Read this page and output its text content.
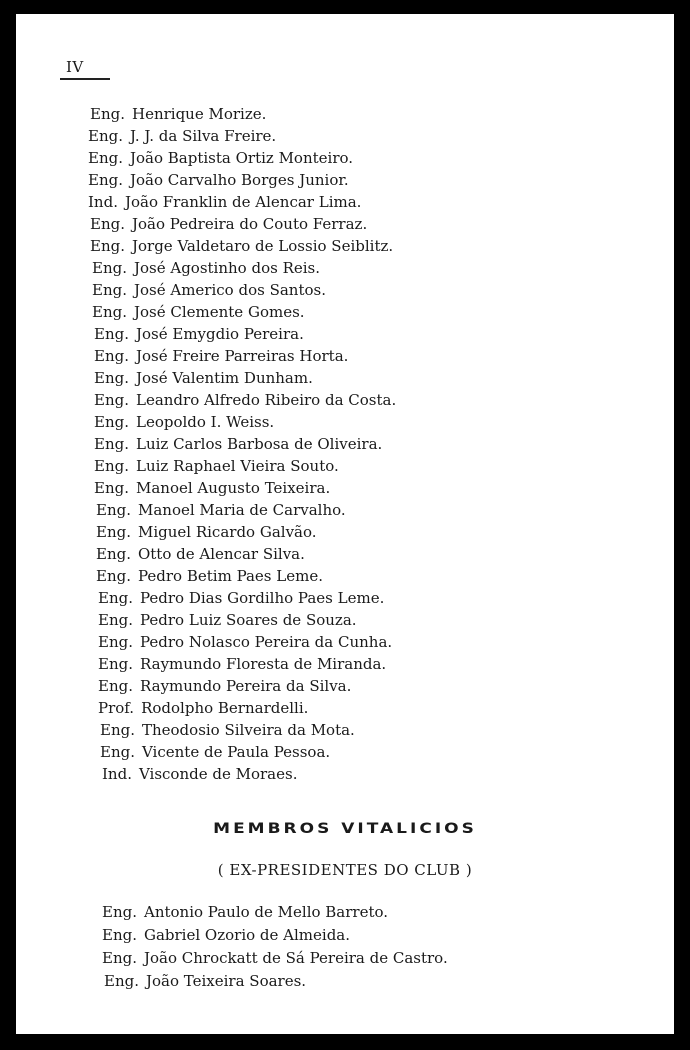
IV
Eng. Henrique Morize.
Eng. J. J. da Silva Freire.
Eng. João Baptista Ortiz Monteiro.
Eng. João Carvalho Borges Junior.
Ind. João Franklin de Alencar Lima.
Eng. João Pedreira do Couto Ferraz.
Eng. Jorge Valdetaro de Lossio Seiblitz.
Eng. José Agostinho dos Reis.
Eng. José Americo dos Santos.
Eng. José Clemente Gomes.
Eng. José Emygdio Pereira.
Eng. José Freire Parreiras Horta.
Eng. José Valentim Dunham.
Eng. Leandro Alfredo Ribeiro da Costa.
Eng. Leopoldo I. Weiss.
Eng. Luiz Carlos Barbosa de Oliveira.
Eng. Luiz Raphael Vieira Souto.
Eng. Manoel Augusto Teixeira.
Eng. Manoel Maria de Carvalho.
Eng. Miguel Ricardo Galvão.
Eng. Otto de Alencar Silva.
Eng. Pedro Betim Paes Leme.
Eng. Pedro Dias Gordilho Paes Leme.
Eng. Pedro Luiz Soares de Souza.
Eng. Pedro Nolasco Pereira da Cunha.
Eng. Raymundo Floresta de Miranda.
Eng. Raymundo Pereira da Silva.
Prof. Rodolpho Bernardelli.
Eng. Theodosio Silveira da Mota.
Eng. Vicente de Paula Pessoa.
Ind. Visconde de Moraes.
MEMBROS VITALICIOS
( EX-PRESIDENTES DO CLUB )
Eng. Antonio Paulo de Mello Barreto.
Eng. Gabriel Ozorio de Almeida.
Eng. João Chrockatt de Sá Pereira de Castro.
Eng. João Teixeira Soares.
